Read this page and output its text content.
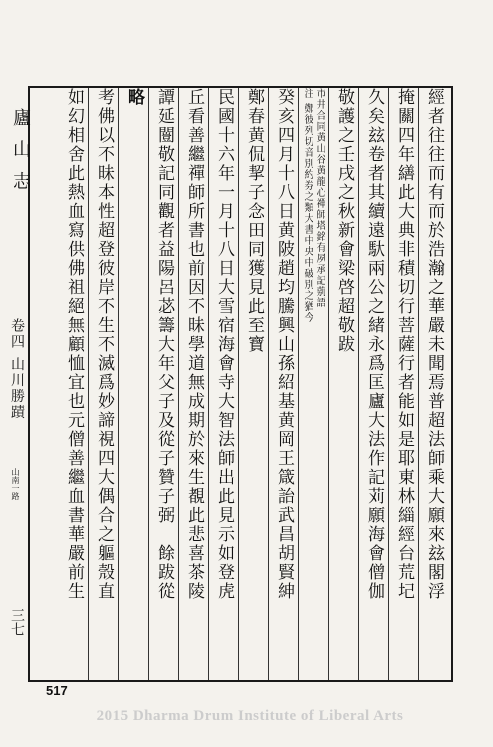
廬 山 志
卷四 山川勝蹟
山南一路
三七
經者往往而有而於浩瀚之華嚴未聞焉普超法師乘大願來玆閣浮
掩關四年繕此大典非積切行菩薩行者能如是耶東林緇經台荒圮
久矣玆卷者其續遠馱兩公之緒永爲匡廬大法作記苅願海會僧伽
敬護之壬戌之秋新會梁啓超敬跋
注 鄭彼列切音別約券之類大書中央中破別之猶今 市井合同黄山谷黄龍心禪師塔銘有夙承記莂語
癸亥四月十八日黄陂趙均騰興山孫紹基黄岡王箴詒武昌胡賢紳
鄭春黄侃挈子念田同獲見此至寶
民國十六年一月十八日大雪宿海會寺大智法師出此見示如登虎
丘看善繼禪師所書也前因不昧學道無成期於來生覩此悲喜茶陵
譚延闓敬記同觀者益陽呂苾籌大年父子及從子贊子弼　餘跋從
略
考佛以不昧本性超登彼岸不生不滅爲妙諦視四大偶合之軀殼直
如幻相舍此熱血寫供佛祖絕無顧恤宜也元僧善繼血書華嚴前生
517
2015 Dharma Drum Institute of Liberal Arts
